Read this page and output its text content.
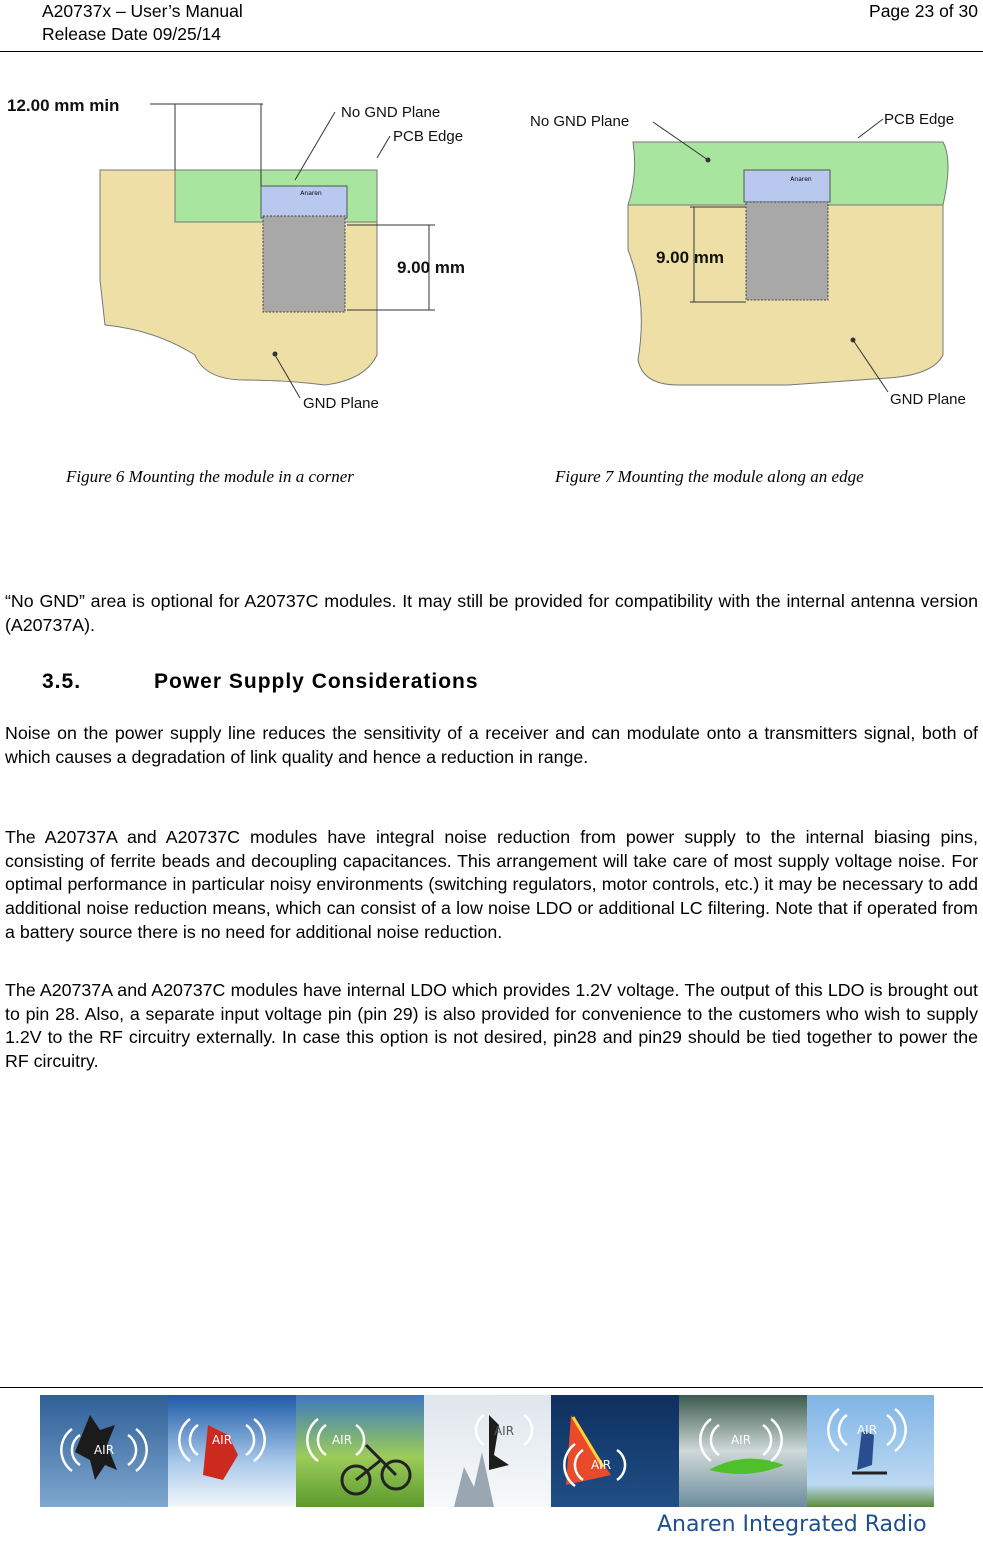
A20737x – User’s Manual
Release Date 09/25/14
Page 23 of 30
Anaren
12.00 mm min
9.00 mm
No GND Plane
PCB Edge
GND Plane
Anaren
9.00 mm
No GND Plane	PCB Edge
GND Plane
Figure 6 Mounting the module in a corner	Figure 7 Mounting the module along an edge

“No GND” area is optional for A20737C modules. It may still be provided for compatibility with the internal antenna version (A20737A).

3.5.	Power Supply Considerations

Noise on the power supply line reduces the sensitivity of a receiver and can modulate onto a transmitters signal, both of which causes a degradation of link quality and hence a reduction in range.

The A20737A and A20737C modules have integral noise reduction from power supply to the internal biasing pins, consisting of ferrite beads and decoupling capacitances. This arrangement will take care of most supply voltage noise. For optimal performance in particular noisy environments (switching regulators, motor controls, etc.) it may be necessary to add additional noise reduction means, which can consist of a low noise LDO or additional LC filtering. Note that if operated from a battery source there is no need for additional noise reduction.

The A20737A and A20737C modules have internal LDO which provides 1.2V voltage. The output of this LDO is brought out to pin 28. Also, a separate input voltage pin (pin 29) is also provided for convenience to the customers who wish to supply 1.2V to the RF circuitry externally. In case this option is not desired, pin28 and pin29 should be tied together to power the RF circuitry.

AIR
AIR	AIR
AIR
AIR
AIR
AIR
Anaren Integrated Radio
